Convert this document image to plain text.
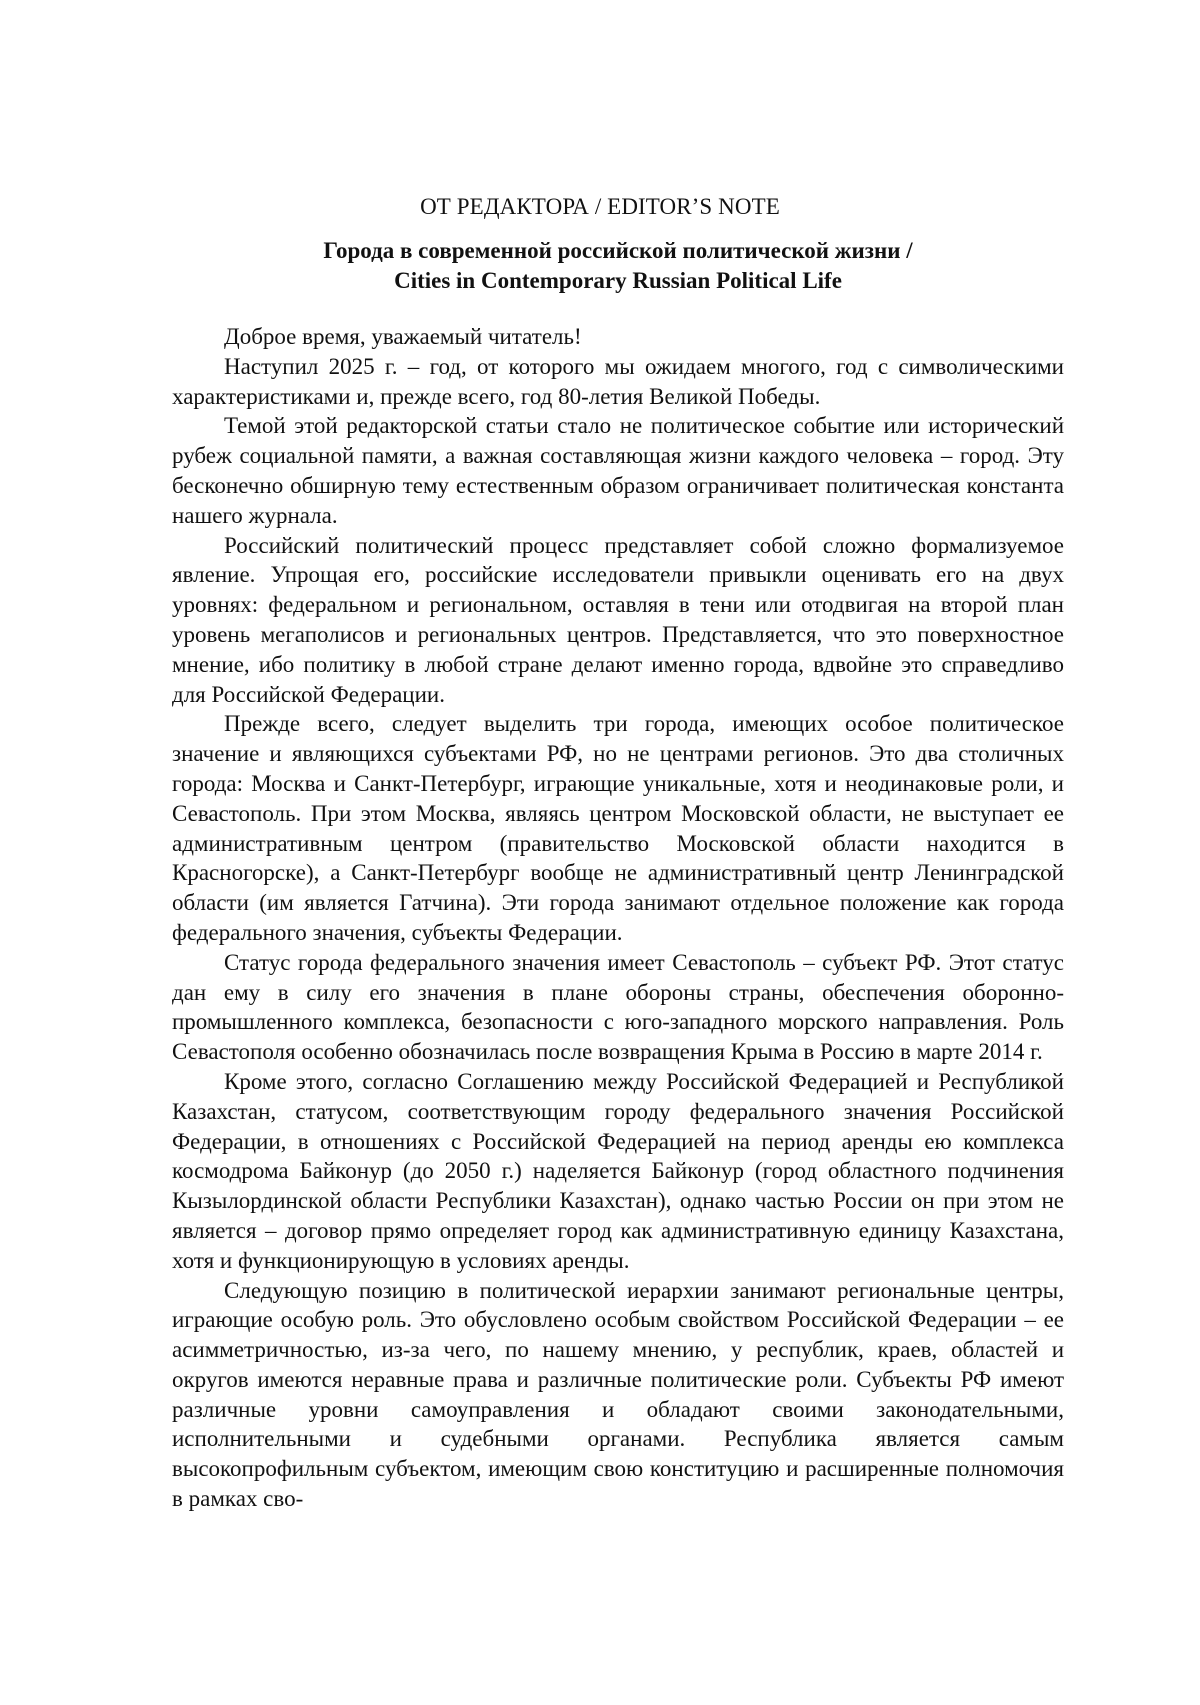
ОТ РЕДАКТОРА / EDITOR’S NOTE
Города в современной российской политической жизни /
Cities in Contemporary Russian Political Life

Доброе время, уважаемый читатель!

Наступил 2025 г. – год, от которого мы ожидаем многого, год с символическими характеристиками и, прежде всего, год 80-летия Великой Победы.

Темой этой редакторской статьи стало не политическое событие или исторический рубеж социальной памяти, а важная составляющая жизни каждого человека – город. Эту бесконечно обширную тему естественным образом ограничивает политическая константа нашего журнала.

Российский политический процесс представляет собой сложно формализуемое явление. Упрощая его, российские исследователи привыкли оценивать его на двух уровнях: федеральном и региональном, оставляя в тени или отодвигая на второй план уровень мегаполисов и региональных центров. Представляется, что это поверхностное мнение, ибо политику в любой стране делают именно города, вдвойне это справедливо для Российской Федерации.

Прежде всего, следует выделить три города, имеющих особое политическое значение и являющихся субъектами РФ, но не центрами регионов. Это два столичных города: Москва и Санкт-Петербург, играющие уникальные, хотя и неодинаковые роли, и Севастополь. При этом Москва, являясь центром Московской области, не выступает ее административным центром (правительство Московской области находится в Красногорске), а Санкт-Петербург вообще не административный центр Ленинградской области (им является Гатчина). Эти города занимают отдельное положение как города федерального значения, субъекты Федерации.

Статус города федерального значения имеет Севастополь – субъект РФ. Этот статус дан ему в силу его значения в плане обороны страны, обеспечения оборонно-промышленного комплекса, безопасности с юго-западного морского направления. Роль Севастополя особенно обозначилась после возвращения Крыма в Россию в марте 2014 г.

Кроме этого, согласно Соглашению между Российской Федерацией и Республикой Казахстан, статусом, соответствующим городу федерального значения Российской Федерации, в отношениях с Российской Федерацией на период аренды ею комплекса космодрома Байконур (до 2050 г.) наделяется Байконур (город областного подчинения Кызылординской области Республики Казахстан), однако частью России он при этом не является – договор прямо определяет город как административную единицу Казахстана, хотя и функционирующую в условиях аренды.

Следующую позицию в политической иерархии занимают региональные центры, играющие особую роль. Это обусловлено особым свойством Российской Федерации – ее асимметричностью, из-за чего, по нашему мнению, у республик, краев, областей и округов имеются неравные права и различные политические роли. Субъекты РФ имеют различные уровни самоуправления и обладают своими законодательными, исполнительными и судебными органами. Республика является самым высокопрофильным субъектом, имеющим свою конституцию и расширенные полномочия в рамках сво-
